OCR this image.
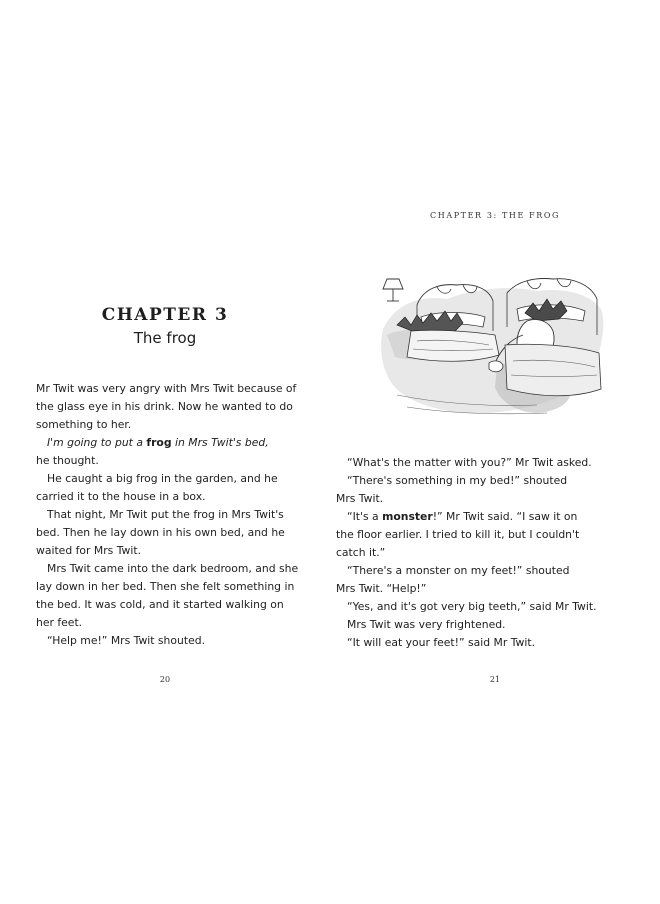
CHAPTER 3
The frog
Mr Twit was very angry with Mrs Twit because of
the glass eye in his drink. Now he wanted to do
something to her.
I'm going to put a frog in Mrs Twit's bed,
he thought.
He caught a big frog in the garden, and he
carried it to the house in a box.
That night, Mr Twit put the frog in Mrs Twit's
bed. Then he lay down in his own bed, and he
waited for Mrs Twit.
Mrs Twit came into the dark bedroom, and she
lay down in her bed. Then she felt something in
the bed. It was cold, and it started walking on
her feet.
“Help me!” Mrs Twit shouted.
20
CHAPTER 3: THE FROG
“What's the matter with you?” Mr Twit asked.
“There's something in my bed!” shouted
Mrs Twit.
“It's a monster!” Mr Twit said. “I saw it on
the floor earlier. I tried to kill it, but I couldn't
catch it.”
“There's a monster on my feet!” shouted
Mrs Twit. “Help!”
“Yes, and it's got very big teeth,” said Mr Twit.
Mrs Twit was very frightened.
“It will eat your feet!” said Mr Twit.
21
